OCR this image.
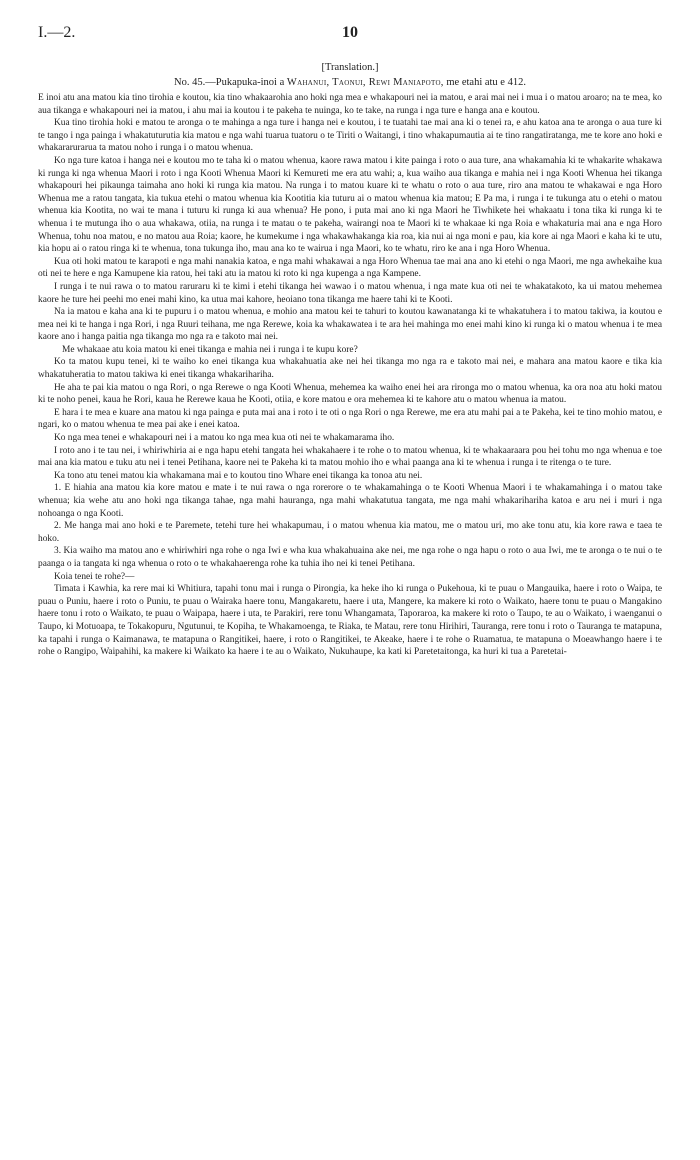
I.—2.	10
[Translation.]
No. 45.—Pukapuka-inoi a Wahanui, Taonui, Rewi Maniapoto, me etahi atu e 412.

E inoi atu ana matou kia tino tirohia e koutou, kia tino whakaarohia ano hoki nga mea e whakapouri nei ia matou, e arai mai nei i mua i o matou aroaro; na te mea, ko aua tikanga e whakapouri nei ia matou, i ahu mai ia koutou i te pakeha te nuinga, ko te take, na runga i nga ture e hanga ana e koutou.

Kua tino tirohia hoki e matou te aronga o te mahinga a nga ture i hanga nei e koutou, i te tuatahi tae mai ana ki o tenei ra, e ahu katoa ana te aronga o aua ture ki te tango i nga painga i whakatuturutia kia matou e nga wahi tuarua tuatoru o te Tiriti o Waitangi, i tino whakapumautia ai te tino rangatiratanga, me te kore ano hoki e whakararurarua ta matou noho i runga i o matou whenua.

Ko nga ture katoa i hanga nei e koutou mo te taha ki o matou whenua, kaore rawa matou i kite painga i roto o aua ture, ana whakamahia ki te whakarite whakawa ki runga ki nga whenua Maori i roto i nga Kooti Whenua Maori ki Kemureti me era atu wahi; a, kua waiho aua tikanga e mahia nei i nga Kooti Whenua hei tikanga whakapouri hei pikaunga taimaha ano hoki ki runga kia matou. Na runga i to matou kuare ki te whatu o roto o aua ture, riro ana matou te whakawai e nga Horo Whenua me a ratou tangata, kia tukua etehi o matou whenua kia Kootitia kia tuturu ai o matou whenua kia matou; E Pa ma, i runga i te tukunga atu o etehi o matou whenua kia Kootita, no wai te mana i tuturu ki runga ki aua whenua? He pono, i puta mai ano ki nga Maori he Tiwhikete hei whakaatu i tona tika ki runga ki te whenua i te mutunga iho o aua whakawa, otiia, na runga i te matau o te pakeha, wairangi noa te Maori ki te whakaae ki nga Roia e whakaturia mai ana e nga Horo Whenua, tohu noa matou, e no matou aua Roia; kaore, he kumekume i nga whakawhakanga kia roa, kia nui ai nga moni e pau, kia kore ai nga Maori e kaha ki te utu, kia hopu ai o ratou ringa ki te whenua, tona tukunga iho, mau ana ko te wairua i nga Maori, ko te whatu, riro ke ana i nga Horo Whenua.

Kua oti hoki matou te karapoti e nga mahi nanakia katoa, e nga mahi whakawai a nga Horo Whenua tae mai ana ano ki etehi o nga Maori, me nga awhekaihe kua oti nei te here e nga Kamupene kia ratou, hei taki atu ia matou ki roto ki nga kupenga a nga Kampene.

I runga i te nui rawa o to matou raruraru ki te kimi i etehi tikanga hei wawao i o matou whenua, i nga mate kua oti nei te whakatakoto, ka ui matou mehemea kaore he ture hei peehi mo enei mahi kino, ka utua mai kahore, heoiano tona tikanga me haere tahi ki te Kooti.

Na ia matou e kaha ana ki te pupuru i o matou whenua, e mohio ana matou kei te tahuri to koutou kawanatanga ki te whakatuhera i to matou takiwa, ia koutou e mea nei ki te hanga i nga Rori, i nga Ruuri teihana, me nga Rerewe, koia ka whakawatea i te ara hei mahinga mo enei mahi kino ki runga ki o matou whenua i te mea kaore ano i hanga paitia nga tikanga mo nga ra e takoto mai nei.

Me whakaae atu koia matou ki enei tikanga e mahia nei i runga i te kupu kore?

Ko ta matou kupu tenei, ki te waiho ko enei tikanga kua whakahuatia ake nei hei tikanga mo nga ra e takoto mai nei, e mahara ana matou kaore e tika kia whakatuheratia to matou takiwa ki enei tikanga whakarihariha.

He aha te pai kia matou o nga Rori, o nga Rerewe o nga Kooti Whenua, mehemea ka waiho enei hei ara rironga mo o matou whenua, ka ora noa atu hoki matou ki te noho penei, kaua he Rori, kaua he Rerewe kaua he Kooti, otiia, e kore matou e ora mehemea ki te kahore atu o matou whenua ia matou.

E hara i te mea e kuare ana matou ki nga painga e puta mai ana i roto i te oti o nga Rori o nga Rerewe, me era atu mahi pai a te Pakeha, kei te tino mohio matou, e ngari, ko o matou whenua te mea pai ake i enei katoa.

Ko nga mea tenei e whakapouri nei i a matou ko nga mea kua oti nei te whakamarama iho.

I roto ano i te tau nei, i whiriwhiria ai e nga hapu etehi tangata hei whakahaere i te rohe o to matou whenua, ki te whakaaraara pou hei tohu mo nga whenua e toe mai ana kia matou e tuku atu nei i tenei Petihana, kaore nei te Pakeha ki ta matou mohio iho e whai paanga ana ki te whenua i runga i te ritenga o te ture.

Ka tono atu tenei matou kia whakamana mai e to koutou tino Whare enei tikanga ka tonoa atu nei.

1. E hiahia ana matou kia kore matou e mate i te nui rawa o nga rorerore o te whakamahinga o te Kooti Whenua Maori i te whakamahinga i o matou take whenua; kia wehe atu ano hoki nga tikanga tahae, nga mahi hauranga, nga mahi whakatutua tangata, me nga mahi whakarihariha katoa e aru nei i muri i nga nohoanga o nga Kooti.

2. Me hanga mai ano hoki e te Paremete, tetehi ture hei whakapumau, i o matou whenua kia matou, me o matou uri, mo ake tonu atu, kia kore rawa e taea te hoko.

3. Kia waiho ma matou ano e whiriwhiri nga rohe o nga Iwi e wha kua whakahuaina ake nei, me nga rohe o nga hapu o roto o aua Iwi, me te aronga o te nui o te paanga o ia tangata ki nga whenua o roto o te whakahaerenga rohe ka tuhia iho nei ki tenei Petihana.

Koia tenei te rohe?—

Timata i Kawhia, ka rere mai ki Whitiura, tapahi tonu mai i runga o Pirongia, ka heke iho ki runga o Pukehoua, ki te puau o Mangauika, haere i roto o Waipa, te puau o Puniu, haere i roto o Puniu, te puau o Wairaka haere tonu, Mangakaretu, haere i uta, Mangere, ka makere ki roto o Waikato, haere tonu te puau o Mangakino haere tonu i roto o Waikato, te puau o Waipapa, haere i uta, te Parakiri, rere tonu Whangamata, Taporaroa, ka makere ki roto o Taupo, te au o Waikato, i waenganui o Taupo, ki Motuoapa, te Tokakopuru, Ngutunui, te Kopiha, te Whakamoenga, te Riaka, te Matau, rere tonu Hirihiri, Tauranga, rere tonu i roto o Tauranga te matapuna, ka tapahi i runga o Kaimanawa, te matapuna o Rangitikei, haere, i roto o Rangitikei, te Akeake, haere i te rohe o Ruamatua, te matapuna o Moeawhango haere i te rohe o Rangipo, Waipahihi, ka makere ki Waikato ka haere i te au o Waikato, Nukuhaupe, ka kati ki Paretetaitonga, ka huri ki tua a Paretetai-
